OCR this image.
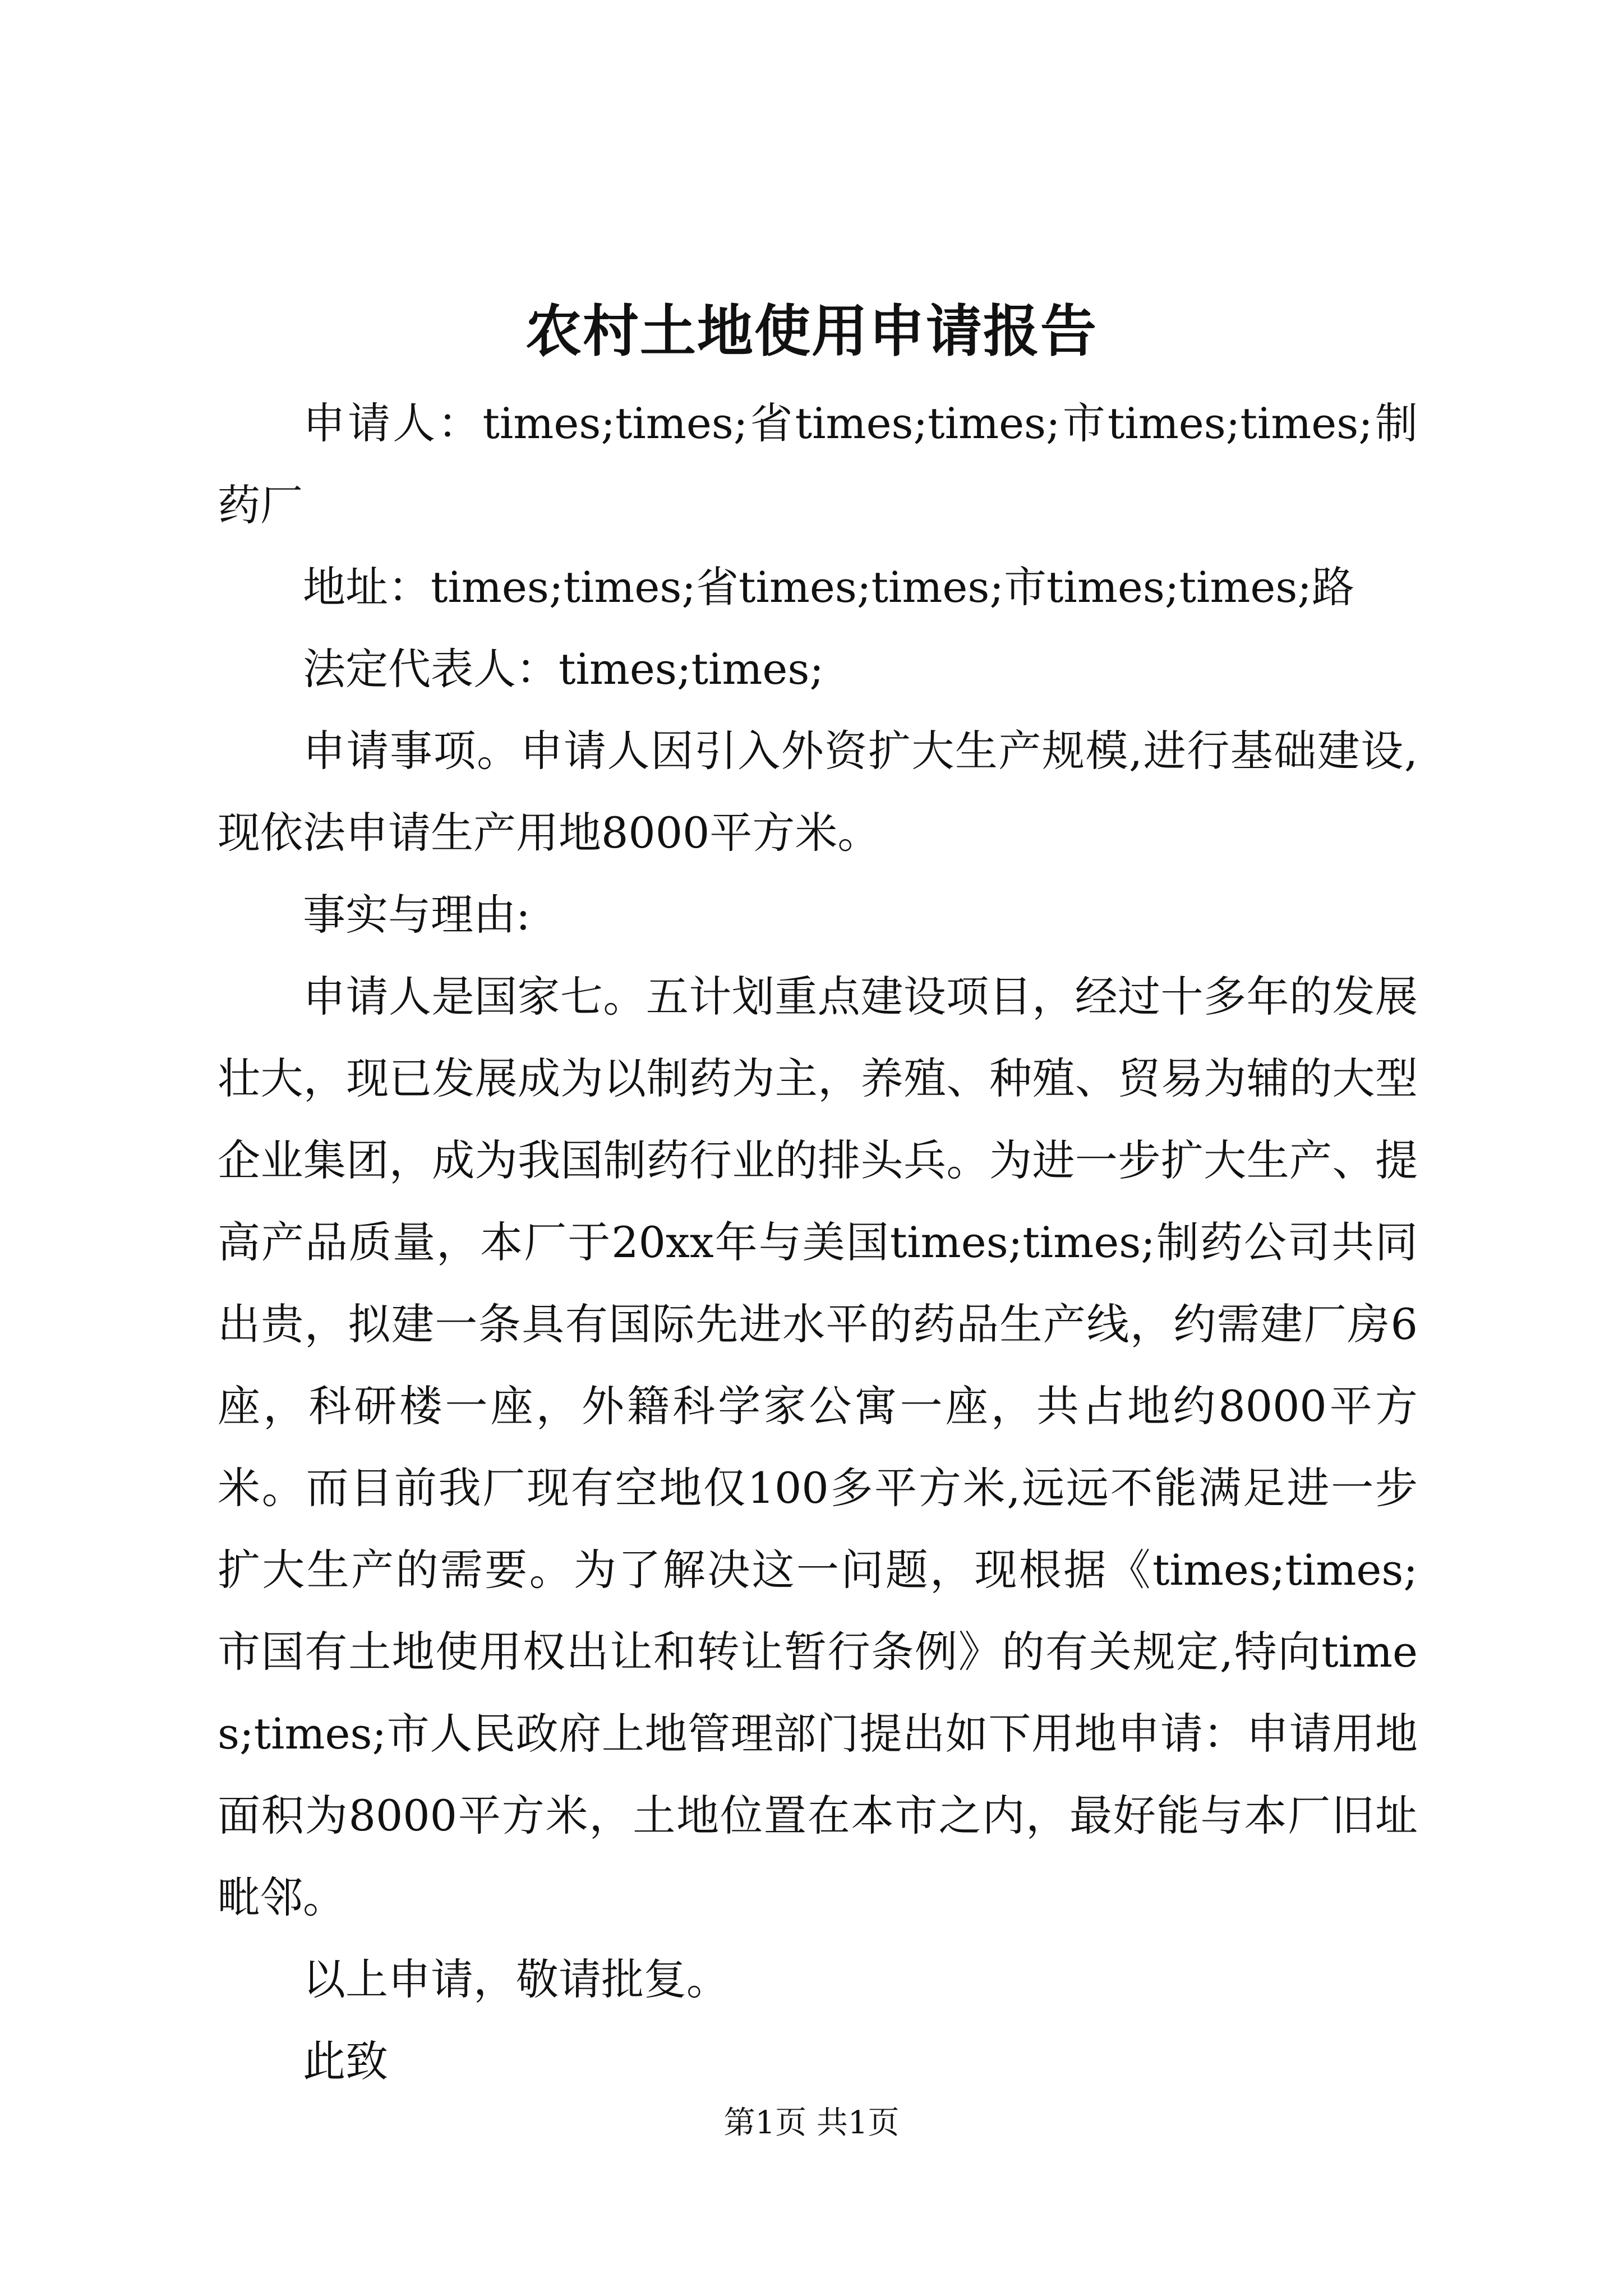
农村土地使用申请报告

申请人：times;times;省times;times;市times;times;制药厂

地址：times;times;省times;times;市times;times;路

法定代表人：times;times;

申请事项。申请人因引入外资扩大生产规模,进行基础建设,现依法申请生产用地8000平方米。

事实与理由:

申请人是国家七。五计划重点建设项目，经过十多年的发展壮大，现已发展成为以制药为主，养殖、种殖、贸易为辅的大型企业集团，成为我国制药行业的排头兵。为进一步扩大生产、提高产品质量，本厂于20xx年与美国times;times;制药公司共同出贵，拟建一条具有国际先进水平的药品生产线，约需建厂房6座，科研楼一座，外籍科学家公寓一座，共占地约8000平方米。而目前我厂现有空地仅100多平方米,远远不能满足进一步扩大生产的需要。为了解决这一问题，现根据《times;times;市国有土地使用权出让和转让暂行条例》的有关规定,特向times;times;市人民政府上地管理部门提出如下用地申请：申请用地面积为8000平方米，土地位置在本市之内，最好能与本厂旧址毗邻。

以上申请，敬请批复。

此致

第1页 共1页
